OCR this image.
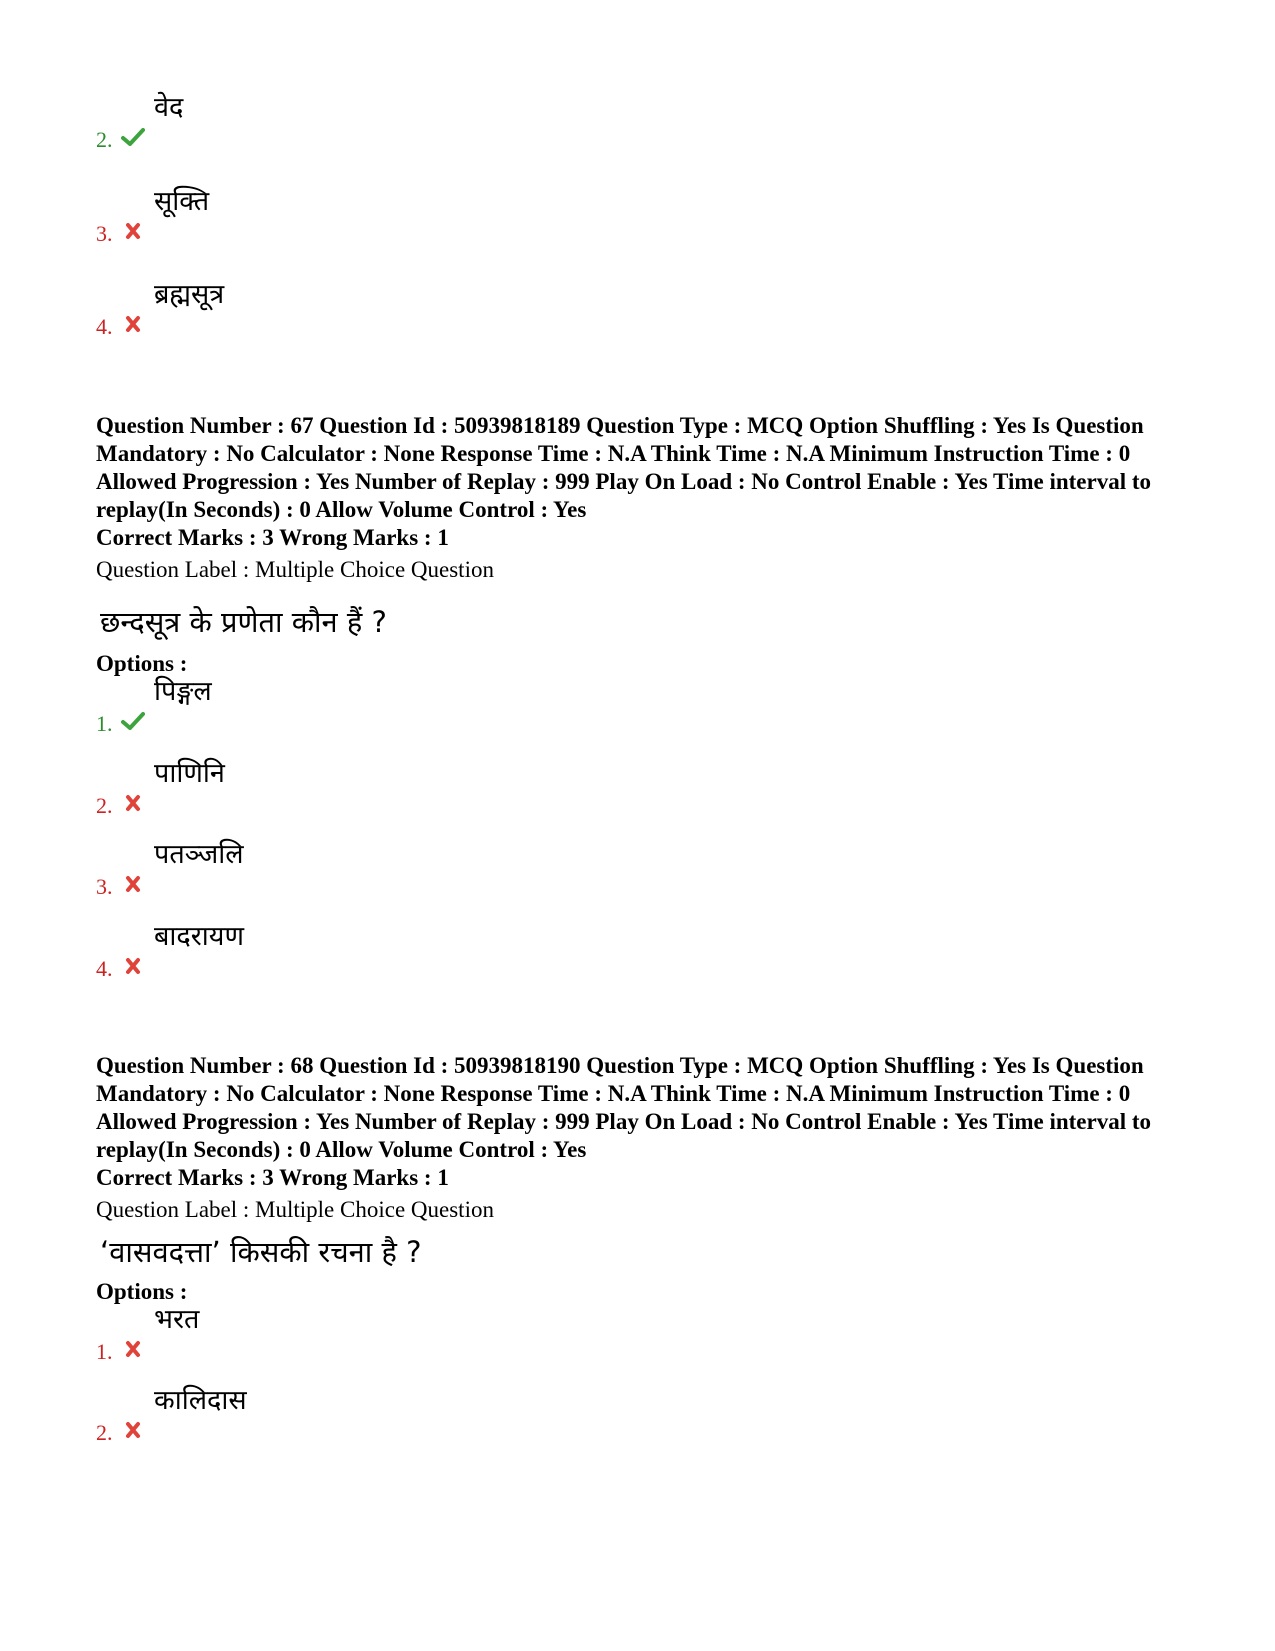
2.
वेद
3.
सूक्ति
4.
ब्रह्मसूत्र
Question Number : 67 Question Id : 50939818189 Question Type : MCQ Option Shuffling : Yes Is Question Mandatory : No Calculator : None Response Time : N.A Think Time : N.A Minimum Instruction Time : 0 Allowed Progression : Yes Number of Replay : 999 Play On Load : No Control Enable : Yes Time interval to replay(In Seconds) : 0 Allow Volume Control : Yes
Correct Marks : 3 Wrong Marks : 1
Question Label : Multiple Choice Question
छन्दसूत्र के प्रणेता कौन हैं ?
Options :
1.
पिङ्गल
2.
पाणिनि
3.
पतञ्जलि
4.
बादरायण
Question Number : 68 Question Id : 50939818190 Question Type : MCQ Option Shuffling : Yes Is Question Mandatory : No Calculator : None Response Time : N.A Think Time : N.A Minimum Instruction Time : 0 Allowed Progression : Yes Number of Replay : 999 Play On Load : No Control Enable : Yes Time interval to replay(In Seconds) : 0 Allow Volume Control : Yes
Correct Marks : 3 Wrong Marks : 1
Question Label : Multiple Choice Question
‘वासवदत्ता’ किसकी रचना है ?
Options :
1.
भरत
2.
कालिदास
